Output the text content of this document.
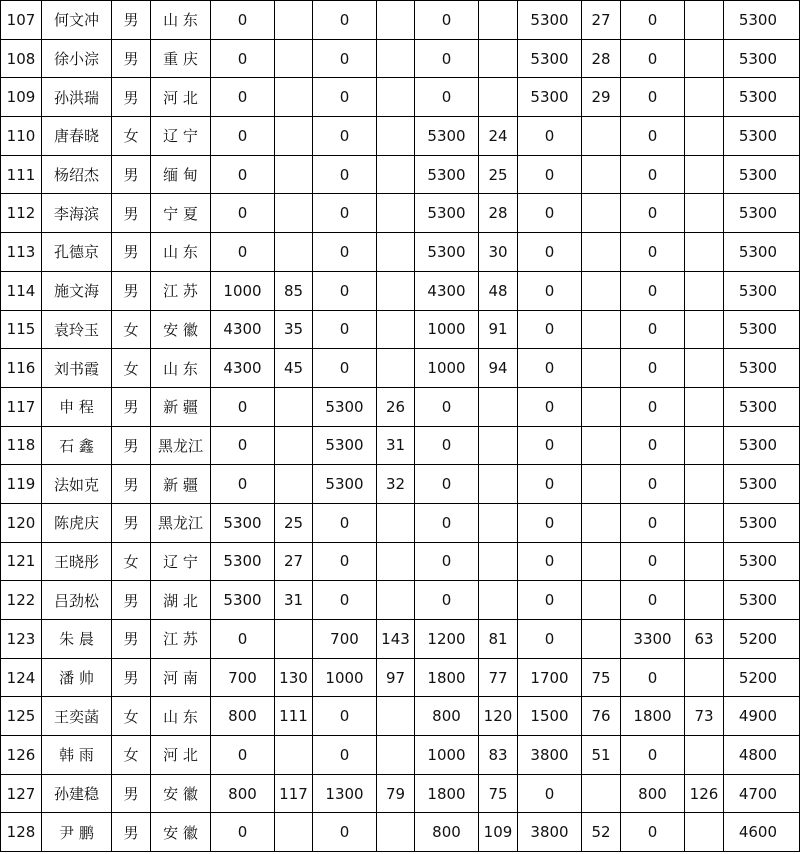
107	何文冲	男	山 东	0		0		0		5300	27	0		5300
108	徐小淙	男	重 庆	0		0		0		5300	28	0		5300
109	孙洪瑞	男	河 北	0		0		0		5300	29	0		5300
110	唐春晓	女	辽 宁	0		0		5300	24	0		0		5300
111	杨绍杰	男	缅 甸	0		0		5300	25	0		0		5300
112	李海滨	男	宁 夏	0		0		5300	28	0		0		5300
113	孔德京	男	山 东	0		0		5300	30	0		0		5300
114	施文海	男	江 苏	1000	85	0		4300	48	0		0		5300
115	袁玲玉	女	安 徽	4300	35	0		1000	91	0		0		5300
116	刘书霞	女	山 东	4300	45	0		1000	94	0		0		5300
117	申 程	男	新 疆	0		5300	26	0		0		0		5300
118	石 鑫	男	黑龙江	0		5300	31	0		0		0		5300
119	法如克	男	新 疆	0		5300	32	0		0		0		5300
120	陈虎庆	男	黑龙江	5300	25	0		0		0		0		5300
121	王晓彤	女	辽 宁	5300	27	0		0		0		0		5300
122	吕劲松	男	湖 北	5300	31	0		0		0		0		5300
123	朱 晨	男	江 苏	0		700	143	1200	81	0		3300	63	5200
124	潘 帅	男	河 南	700	130	1000	97	1800	77	1700	75	0		5200
125	王奕菡	女	山 东	800	111	0		800	120	1500	76	1800	73	4900
126	韩 雨	女	河 北	0		0		1000	83	3800	51	0		4800
127	孙建稳	男	安 徽	800	117	1300	79	1800	75	0		800	126	4700
128	尹 鹏	男	安 徽	0		0		800	109	3800	52	0		4600
